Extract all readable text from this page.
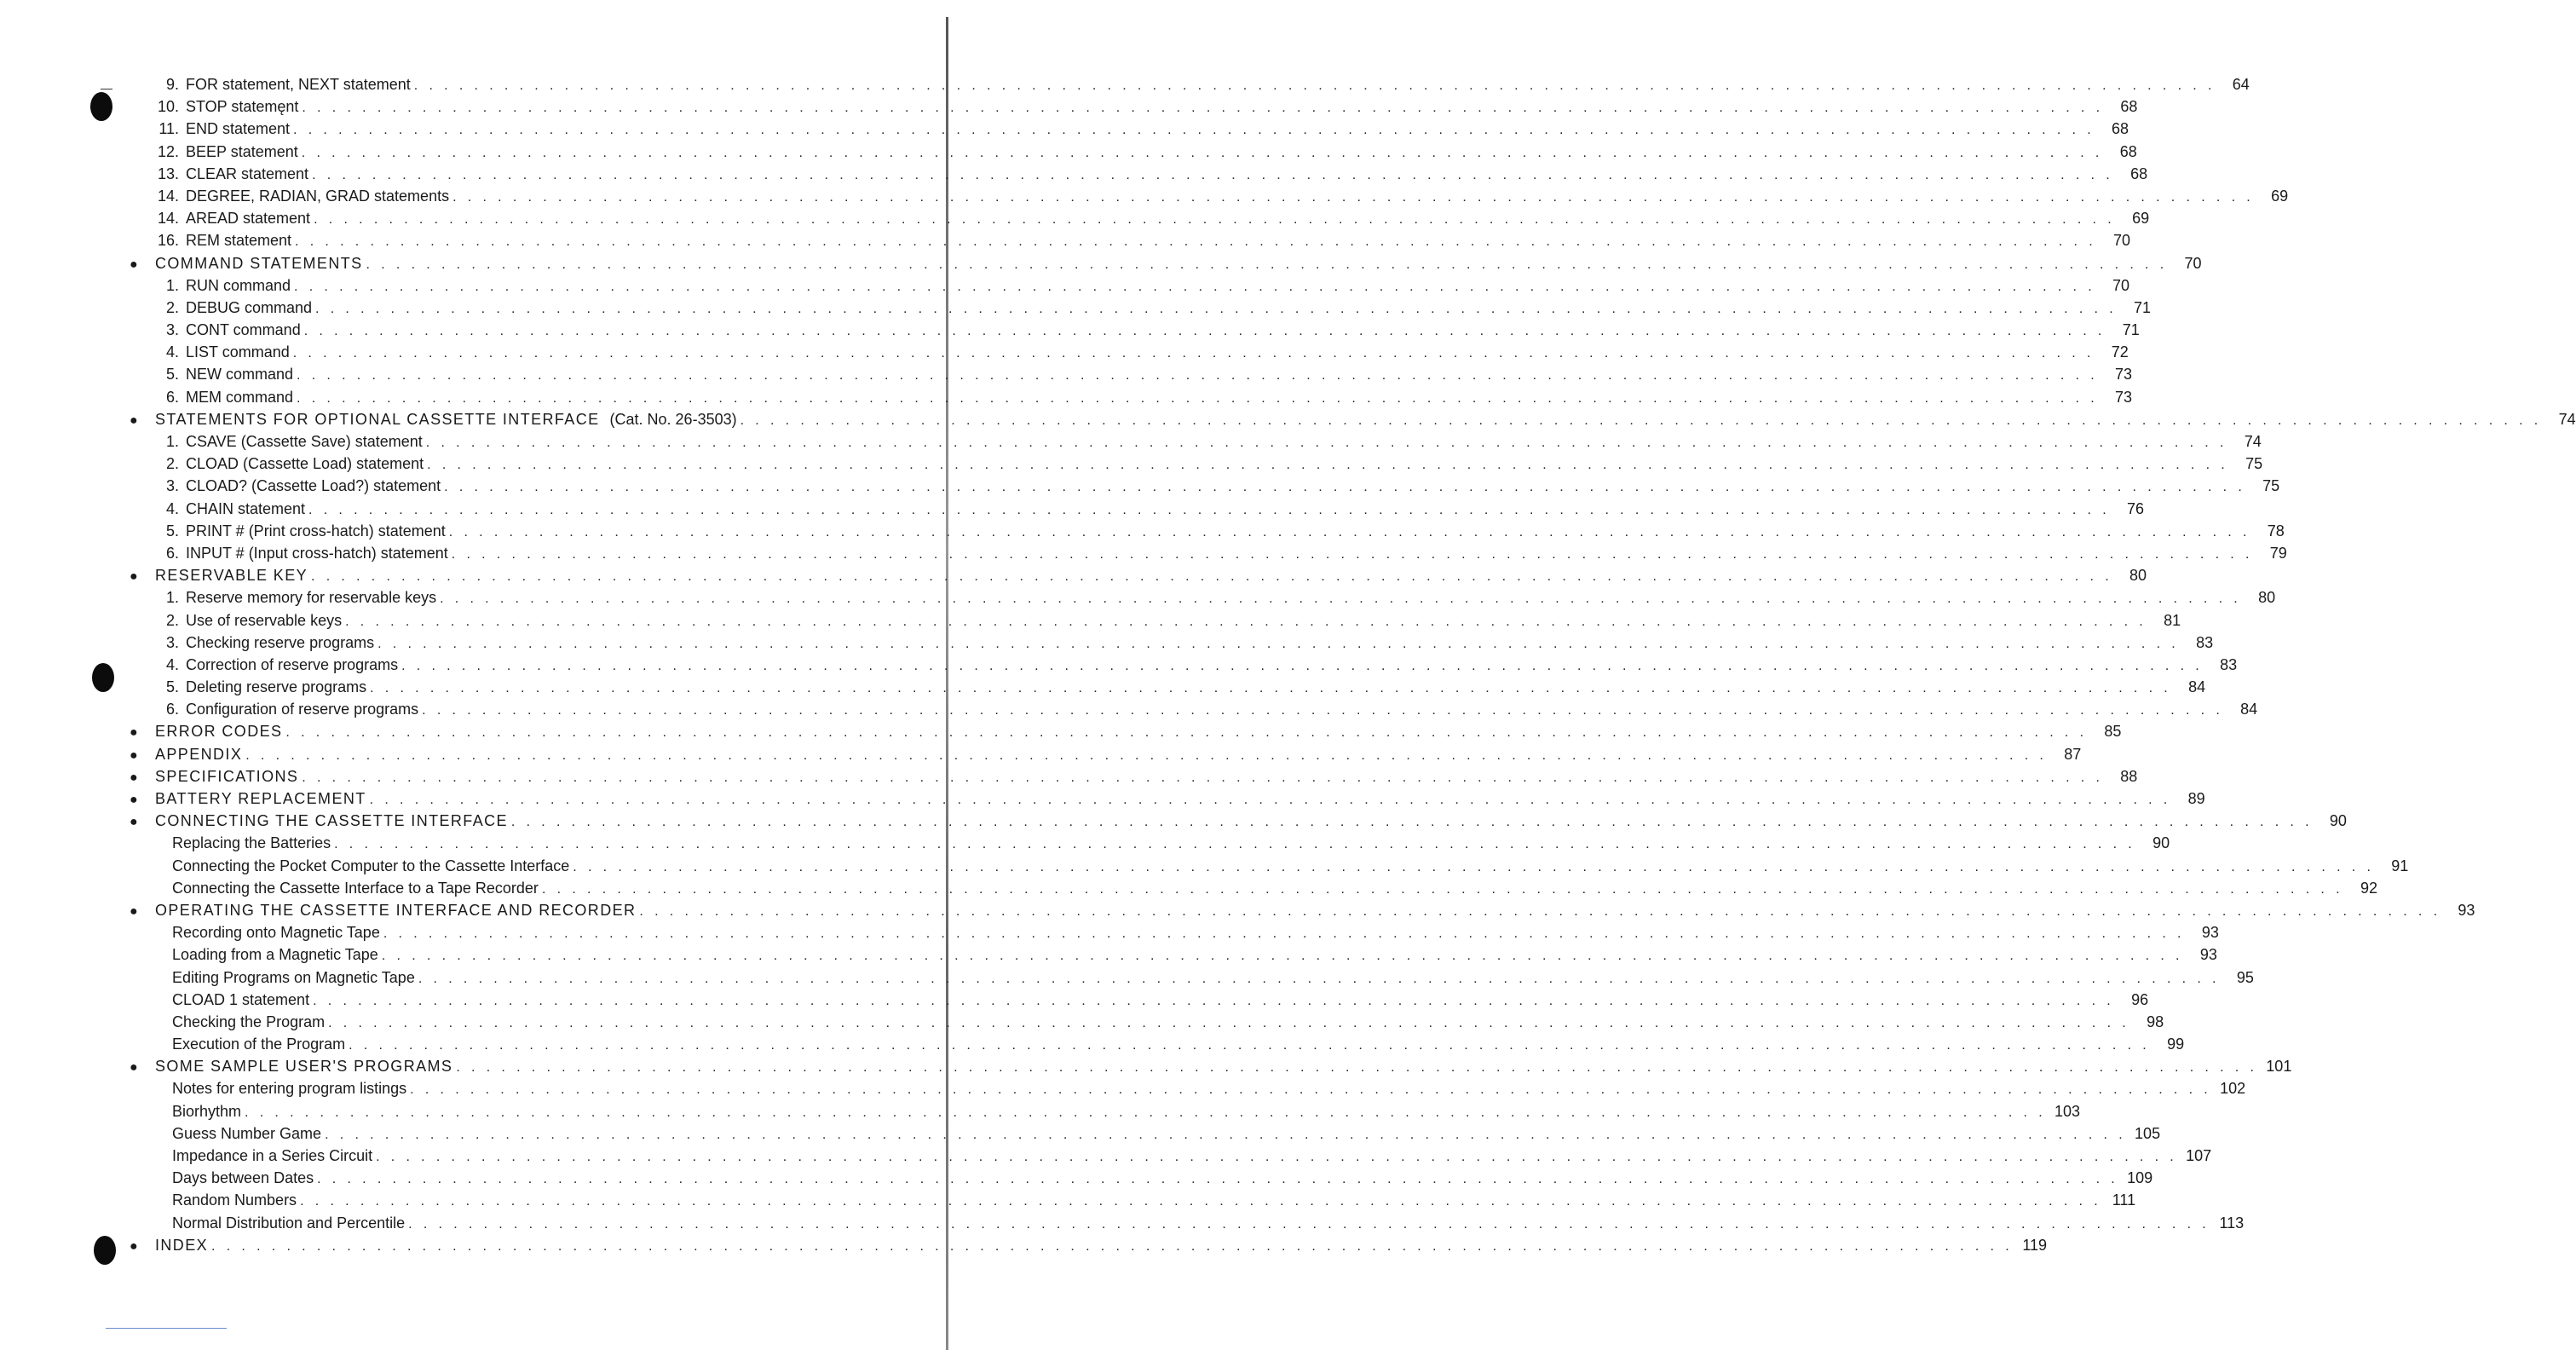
9. FOR statement, NEXT statement . . . . . . . . . . . . . . . . . . . . . . . . . . . . . . . . . . . . . . . . . . . . . . . . . . . . . . . . . . . . . . . . . . . . . . . . . . . . . . . . . . . . . . . . . . . . . . . . . . . . . . . . . . . . . . . . . . . . . . . .	64
10. STOP statemęnt . . . . . . . . . . . . . . . . . . . . . . . . . . . . . . . . . . . . . . . . . . . . . . . . . . . . . . . . . . . . . . . . . . . . . . . . . . . . . . . . . . . . . . . . . . . . . . . . . . . . . . . . . . . . . . . . . . . . . . . .	68
11. END statement . . . . . . . . . . . . . . . . . . . . . . . . . . . . . . . . . . . . . . . . . . . . . . . . . . . . . . . . . . . . . . . . . . . . . . . . . . . . . . . . . . . . . . . . . . . . . . . . . . . . . . . . . . . . . . . . . . . . . . . .	68
12. BEEP statement . . . . . . . . . . . . . . . . . . . . . . . . . . . . . . . . . . . . . . . . . . . . . . . . . . . . . . . . . . . . . . . . . . . . . . . . . . . . . . . . . . . . . . . . . . . . . . . . . . . . . . . . . . . . . . . . . . . . . . . .	68
13. CLEAR statement . . . . . . . . . . . . . . . . . . . . . . . . . . . . . . . . . . . . . . . . . . . . . . . . . . . . . . . . . . . . . . . . . . . . . . . . . . . . . . . . . . . . . . . . . . . . . . . . . . . . . . . . . . . . . . . . . . . . . . . .	68
14. DEGREE, RADIAN, GRAD statements . . . . . . . . . . . . . . . . . . . . . . . . . . . . . . . . . . . . . . . . . . . . . . . . . . . . . . . . . . . . . . . . . . . . . . . . . . . . . . . . . . . . . . . . . . . . . . . . . . . . . . . . . . . . . . . . . . . . . . . .	69
14. AREAD statement . . . . . . . . . . . . . . . . . . . . . . . . . . . . . . . . . . . . . . . . . . . . . . . . . . . . . . . . . . . . . . . . . . . . . . . . . . . . . . . . . . . . . . . . . . . . . . . . . . . . . . . . . . . . . . . . . . . . . . . .	69
16. REM statement . . . . . . . . . . . . . . . . . . . . . . . . . . . . . . . . . . . . . . . . . . . . . . . . . . . . . . . . . . . . . . . . . . . . . . . . . . . . . . . . . . . . . . . . . . . . . . . . . . . . . . . . . . . . . . . . . . . . . . . .	70
●	COMMAND STATEMENTS . . . . . . . . . . . . . . . . . . . . . . . . . . . . . . . . . . . . . . . . . . . . . . . . . . . . . . . . . . . . . . . . . . . . . . . . . . . . . . . . . . . . . . . . . . . . . . . . . . . . . . . . . . . . . . . . . . . . . . . .	70
1. RUN command . . . . . . . . . . . . . . . . . . . . . . . . . . . . . . . . . . . . . . . . . . . . . . . . . . . . . . . . . . . . . . . . . . . . . . . . . . . . . . . . . . . . . . . . . . . . . . . . . . . . . . . . . . . . . . . . . . . . . . . .	70
2. DEBUG command . . . . . . . . . . . . . . . . . . . . . . . . . . . . . . . . . . . . . . . . . . . . . . . . . . . . . . . . . . . . . . . . . . . . . . . . . . . . . . . . . . . . . . . . . . . . . . . . . . . . . . . . . . . . . . . . . . . . . . . .	71
3. CONT command . . . . . . . . . . . . . . . . . . . . . . . . . . . . . . . . . . . . . . . . . . . . . . . . . . . . . . . . . . . . . . . . . . . . . . . . . . . . . . . . . . . . . . . . . . . . . . . . . . . . . . . . . . . . . . . . . . . . . . . .	71
4. LIST command . . . . . . . . . . . . . . . . . . . . . . . . . . . . . . . . . . . . . . . . . . . . . . . . . . . . . . . . . . . . . . . . . . . . . . . . . . . . . . . . . . . . . . . . . . . . . . . . . . . . . . . . . . . . . . . . . . . . . . . .	72
5. NEW command . . . . . . . . . . . . . . . . . . . . . . . . . . . . . . . . . . . . . . . . . . . . . . . . . . . . . . . . . . . . . . . . . . . . . . . . . . . . . . . . . . . . . . . . . . . . . . . . . . . . . . . . . . . . . . . . . . . . . . . .	73
6. MEM command . . . . . . . . . . . . . . . . . . . . . . . . . . . . . . . . . . . . . . . . . . . . . . . . . . . . . . . . . . . . . . . . . . . . . . . . . . . . . . . . . . . . . . . . . . . . . . . . . . . . . . . . . . . . . . . . . . . . . . . .	73
●	STATEMENTS FOR OPTIONAL CASSETTE INTERFACE (Cat. No. 26-3503) . . . . . . . . . . . . . . . . . . . . . . . . . . . . . . . . . . . . . . . . . . . . . . . . . . . . . . . . . . . . . . . . . . . . . . . . . . . . . . . . . . . . . . . . . . . . . . . . . . . . . . . . . . . . . . . . . . . . . . . .	74
1. CSAVE (Cassette Save) statement . . . . . . . . . . . . . . . . . . . . . . . . . . . . . . . . . . . . . . . . . . . . . . . . . . . . . . . . . . . . . . . . . . . . . . . . . . . . . . . . . . . . . . . . . . . . . . . . . . . . . . . . . . . . . . . . . . . . . . . .	74
2. CLOAD (Cassette Load) statement . . . . . . . . . . . . . . . . . . . . . . . . . . . . . . . . . . . . . . . . . . . . . . . . . . . . . . . . . . . . . . . . . . . . . . . . . . . . . . . . . . . . . . . . . . . . . . . . . . . . . . . . . . . . . . . . . . . . . . . .	75
3. CLOAD? (Cassette Load?) statement . . . . . . . . . . . . . . . . . . . . . . . . . . . . . . . . . . . . . . . . . . . . . . . . . . . . . . . . . . . . . . . . . . . . . . . . . . . . . . . . . . . . . . . . . . . . . . . . . . . . . . . . . . . . . . . . . . . . . . . .	75
4. CHAIN statement . . . . . . . . . . . . . . . . . . . . . . . . . . . . . . . . . . . . . . . . . . . . . . . . . . . . . . . . . . . . . . . . . . . . . . . . . . . . . . . . . . . . . . . . . . . . . . . . . . . . . . . . . . . . . . . . . . . . . . . .	76
5. PRINT # (Print cross-hatch) statement . . . . . . . . . . . . . . . . . . . . . . . . . . . . . . . . . . . . . . . . . . . . . . . . . . . . . . . . . . . . . . . . . . . . . . . . . . . . . . . . . . . . . . . . . . . . . . . . . . . . . . . . . . . . . . . . . . . . . . . .	78
6. INPUT # (Input cross-hatch) statement . . . . . . . . . . . . . . . . . . . . . . . . . . . . . . . . . . . . . . . . . . . . . . . . . . . . . . . . . . . . . . . . . . . . . . . . . . . . . . . . . . . . . . . . . . . . . . . . . . . . . . . . . . . . . . . . . . . . . . . .	79
●	RESERVABLE KEY . . . . . . . . . . . . . . . . . . . . . . . . . . . . . . . . . . . . . . . . . . . . . . . . . . . . . . . . . . . . . . . . . . . . . . . . . . . . . . . . . . . . . . . . . . . . . . . . . . . . . . . . . . . . . . . . . . . . . . . .	80
1. Reserve memory for reservable keys . . . . . . . . . . . . . . . . . . . . . . . . . . . . . . . . . . . . . . . . . . . . . . . . . . . . . . . . . . . . . . . . . . . . . . . . . . . . . . . . . . . . . . . . . . . . . . . . . . . . . . . . . . . . . . . . . . . . . . . .	80
2. Use of reservable keys . . . . . . . . . . . . . . . . . . . . . . . . . . . . . . . . . . . . . . . . . . . . . . . . . . . . . . . . . . . . . . . . . . . . . . . . . . . . . . . . . . . . . . . . . . . . . . . . . . . . . . . . . . . . . . . . . . . . . . . .	81
3. Checking reserve programs . . . . . . . . . . . . . . . . . . . . . . . . . . . . . . . . . . . . . . . . . . . . . . . . . . . . . . . . . . . . . . . . . . . . . . . . . . . . . . . . . . . . . . . . . . . . . . . . . . . . . . . . . . . . . . . . . . . . . . . .	83
4. Correction of reserve programs . . . . . . . . . . . . . . . . . . . . . . . . . . . . . . . . . . . . . . . . . . . . . . . . . . . . . . . . . . . . . . . . . . . . . . . . . . . . . . . . . . . . . . . . . . . . . . . . . . . . . . . . . . . . . . . . . . . . . . . .	83
5. Deleting reserve programs . . . . . . . . . . . . . . . . . . . . . . . . . . . . . . . . . . . . . . . . . . . . . . . . . . . . . . . . . . . . . . . . . . . . . . . . . . . . . . . . . . . . . . . . . . . . . . . . . . . . . . . . . . . . . . . . . . . . . . . .	84
6. Configuration of reserve programs . . . . . . . . . . . . . . . . . . . . . . . . . . . . . . . . . . . . . . . . . . . . . . . . . . . . . . . . . . . . . . . . . . . . . . . . . . . . . . . . . . . . . . . . . . . . . . . . . . . . . . . . . . . . . . . . . . . . . . . .	84
●	ERROR CODES . . . . . . . . . . . . . . . . . . . . . . . . . . . . . . . . . . . . . . . . . . . . . . . . . . . . . . . . . . . . . . . . . . . . . . . . . . . . . . . . . . . . . . . . . . . . . . . . . . . . . . . . . . . . . . . . . . . . . . . .	85
●	APPENDIX . . . . . . . . . . . . . . . . . . . . . . . . . . . . . . . . . . . . . . . . . . . . . . . . . . . . . . . . . . . . . . . . . . . . . . . . . . . . . . . . . . . . . . . . . . . . . . . . . . . . . . . . . . . . . . . . . . . . . . . .	87
●	SPECIFICATIONS . . . . . . . . . . . . . . . . . . . . . . . . . . . . . . . . . . . . . . . . . . . . . . . . . . . . . . . . . . . . . . . . . . . . . . . . . . . . . . . . . . . . . . . . . . . . . . . . . . . . . . . . . . . . . . . . . . . . . . . .	88
●	BATTERY REPLACEMENT . . . . . . . . . . . . . . . . . . . . . . . . . . . . . . . . . . . . . . . . . . . . . . . . . . . . . . . . . . . . . . . . . . . . . . . . . . . . . . . . . . . . . . . . . . . . . . . . . . . . . . . . . . . . . . . . . . . . . . . .	89
●	CONNECTING THE CASSETTE INTERFACE . . . . . . . . . . . . . . . . . . . . . . . . . . . . . . . . . . . . . . . . . . . . . . . . . . . . . . . . . . . . . . . . . . . . . . . . . . . . . . . . . . . . . . . . . . . . . . . . . . . . . . . . . . . . . . . . . . . . . . . .	90
Replacing the Batteries . . . . . . . . . . . . . . . . . . . . . . . . . . . . . . . . . . . . . . . . . . . . . . . . . . . . . . . . . . . . . . . . . . . . . . . . . . . . . . . . . . . . . . . . . . . . . . . . . . . . . . . . . . . . . . . . . . . . . . . .	90
Connecting the Pocket Computer to the Cassette Interface . . . . . . . . . . . . . . . . . . . . . . . . . . . . . . . . . . . . . . . . . . . . . . . . . . . . . . . . . . . . . . . . . . . . . . . . . . . . . . . . . . . . . . . . . . . . . . . . . . . . . . . . . . . . . . . . . . . . . . . .	91
Connecting the Cassette Interface to a Tape Recorder . . . . . . . . . . . . . . . . . . . . . . . . . . . . . . . . . . . . . . . . . . . . . . . . . . . . . . . . . . . . . . . . . . . . . . . . . . . . . . . . . . . . . . . . . . . . . . . . . . . . . . . . . . . . . . . . . . . . . . . .	92
●	OPERATING THE CASSETTE INTERFACE AND RECORDER . . . . . . . . . . . . . . . . . . . . . . . . . . . . . . . . . . . . . . . . . . . . . . . . . . . . . . . . . . . . . . . . . . . . . . . . . . . . . . . . . . . . . . . . . . . . . . . . . . . . . . . . . . . . . . . . . . . . . . . .	93
Recording onto Magnetic Tape . . . . . . . . . . . . . . . . . . . . . . . . . . . . . . . . . . . . . . . . . . . . . . . . . . . . . . . . . . . . . . . . . . . . . . . . . . . . . . . . . . . . . . . . . . . . . . . . . . . . . . . . . . . . . . . . . . . . . . . .	93
Loading from a Magnetic Tape . . . . . . . . . . . . . . . . . . . . . . . . . . . . . . . . . . . . . . . . . . . . . . . . . . . . . . . . . . . . . . . . . . . . . . . . . . . . . . . . . . . . . . . . . . . . . . . . . . . . . . . . . . . . . . . . . . . . . . . .	93
Editing Programs on Magnetic Tape . . . . . . . . . . . . . . . . . . . . . . . . . . . . . . . . . . . . . . . . . . . . . . . . . . . . . . . . . . . . . . . . . . . . . . . . . . . . . . . . . . . . . . . . . . . . . . . . . . . . . . . . . . . . . . . . . . . . . . . .	95
CLOAD 1 statement . . . . . . . . . . . . . . . . . . . . . . . . . . . . . . . . . . . . . . . . . . . . . . . . . . . . . . . . . . . . . . . . . . . . . . . . . . . . . . . . . . . . . . . . . . . . . . . . . . . . . . . . . . . . . . . . . . . . . . . .	96
Checking the Program . . . . . . . . . . . . . . . . . . . . . . . . . . . . . . . . . . . . . . . . . . . . . . . . . . . . . . . . . . . . . . . . . . . . . . . . . . . . . . . . . . . . . . . . . . . . . . . . . . . . . . . . . . . . . . . . . . . . . . . .	98
Execution of the Program . . . . . . . . . . . . . . . . . . . . . . . . . . . . . . . . . . . . . . . . . . . . . . . . . . . . . . . . . . . . . . . . . . . . . . . . . . . . . . . . . . . . . . . . . . . . . . . . . . . . . . . . . . . . . . . . . . . . . . . .	99
●	SOME SAMPLE USER'S PROGRAMS . . . . . . . . . . . . . . . . . . . . . . . . . . . . . . . . . . . . . . . . . . . . . . . . . . . . . . . . . . . . . . . . . . . . . . . . . . . . . . . . . . . . . . . . . . . . . . . . . . . . . . . . . . . . . . . . . . . . . . . . 101
Notes for entering program listings . . . . . . . . . . . . . . . . . . . . . . . . . . . . . . . . . . . . . . . . . . . . . . . . . . . . . . . . . . . . . . . . . . . . . . . . . . . . . . . . . . . . . . . . . . . . . . . . . . . . . . . . . . . . . . . . . . . . . . . . 102
Biorhythm . . . . . . . . . . . . . . . . . . . . . . . . . . . . . . . . . . . . . . . . . . . . . . . . . . . . . . . . . . . . . . . . . . . . . . . . . . . . . . . . . . . . . . . . . . . . . . . . . . . . . . . . . . . . . . . . . . . . . . . . 103
Guess Number Game . . . . . . . . . . . . . . . . . . . . . . . . . . . . . . . . . . . . . . . . . . . . . . . . . . . . . . . . . . . . . . . . . . . . . . . . . . . . . . . . . . . . . . . . . . . . . . . . . . . . . . . . . . . . . . . . . . . . . . . . 105
Impedance in a Series Circuit . . . . . . . . . . . . . . . . . . . . . . . . . . . . . . . . . . . . . . . . . . . . . . . . . . . . . . . . . . . . . . . . . . . . . . . . . . . . . . . . . . . . . . . . . . . . . . . . . . . . . . . . . . . . . . . . . . . . . . . . 107
Days between Dates . . . . . . . . . . . . . . . . . . . . . . . . . . . . . . . . . . . . . . . . . . . . . . . . . . . . . . . . . . . . . . . . . . . . . . . . . . . . . . . . . . . . . . . . . . . . . . . . . . . . . . . . . . . . . . . . . . . . . . . . 109
Random Numbers . . . . . . . . . . . . . . . . . . . . . . . . . . . . . . . . . . . . . . . . . . . . . . . . . . . . . . . . . . . . . . . . . . . . . . . . . . . . . . . . . . . . . . . . . . . . . . . . . . . . . . . . . . . . . . . . . . . . . . . . 111
Normal Distribution and Percentile . . . . . . . . . . . . . . . . . . . . . . . . . . . . . . . . . . . . . . . . . . . . . . . . . . . . . . . . . . . . . . . . . . . . . . . . . . . . . . . . . . . . . . . . . . . . . . . . . . . . . . . . . . . . . . . . . . . . . . . . 113
●	INDEX . . . . . . . . . . . . . . . . . . . . . . . . . . . . . . . . . . . . . . . . . . . . . . . . . . . . . . . . . . . . . . . . . . . . . . . . . . . . . . . . . . . . . . . . . . . . . . . . . . . . . . . . . . . . . . . . . . . . . . . . 119
